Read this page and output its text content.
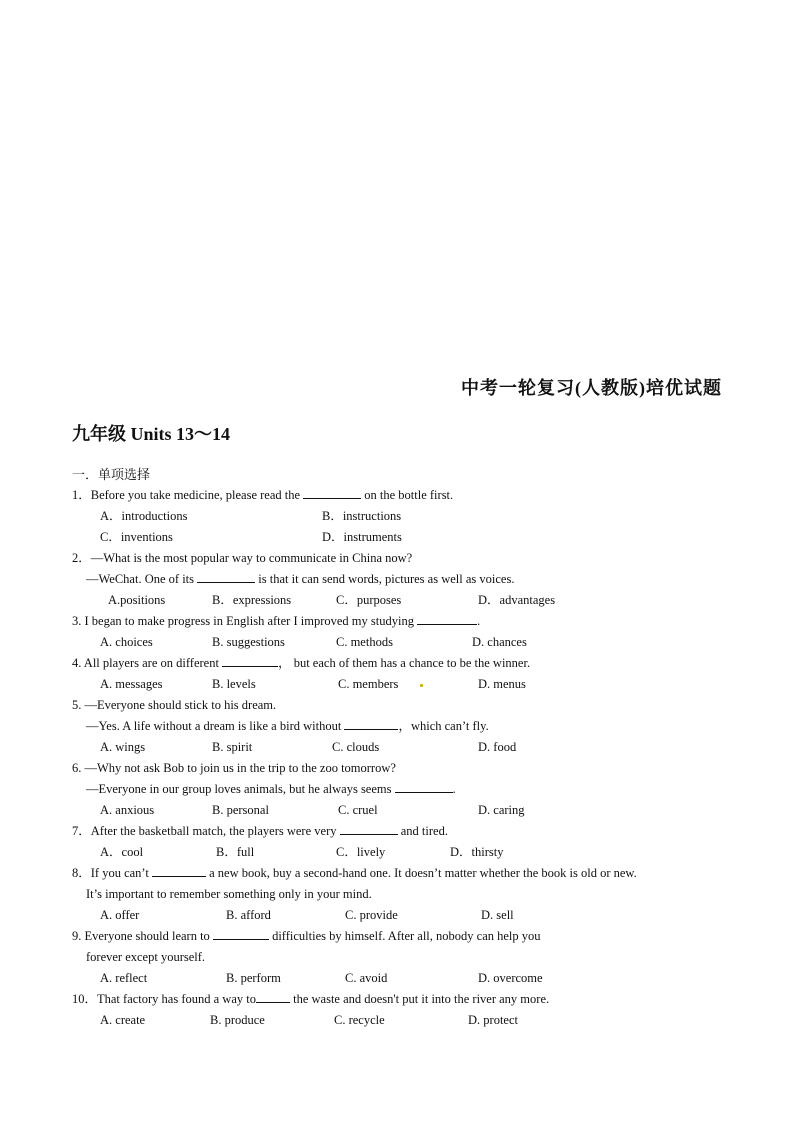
中考一轮复习(人教版)培优试题
九年级 Units 13～14
一．单项选择
1．Before you take medicine, please read the	on the bottle first.
A．introductions	B．instructions
C．inventions	D．instruments
2．—What is the most popular way to communicate in China now?
—WeChat. One of its	is that it can send words, pictures as well as voices.
A.positions	B．expressions	C．purposes	D．advantages
3. I began to make progress in English after I improved my studying	.
A. choices	B. suggestions	C. methods	D. chances
4. All players are on different	， but each of them has a chance to be the winner.
A. messages	B. levels	C. members	D. menus
5. —Everyone should stick to his dream.
—Yes. A life without a dream is like a bird without	，which can’t fly.
A. wings	B. spirit	C. clouds	D. food
6. —Why not ask Bob to join us in the trip to the zoo tomorrow?
—Everyone in our group loves animals, but he always seems	.
A. anxious	B. personal	C. cruel	D. caring
7．After the basketball match, the players were very	and tired.
A．cool	B．full	C．lively	D．thirsty
8．If you can’t	a new book, buy a second-hand one. It doesn’t matter whether the book is old or new.
It’s important to remember something only in your mind.
A. offer	B. afford	C. provide	D. sell
9. Everyone should learn to	difficulties by himself. After all, nobody can help you
forever except yourself.
A. reflect	B. perform	C. avoid	D. overcome
10．That factory has found a way to	the waste and doesn't put it into the river any more.
A. create	B. produce	C. recycle	D. protect
